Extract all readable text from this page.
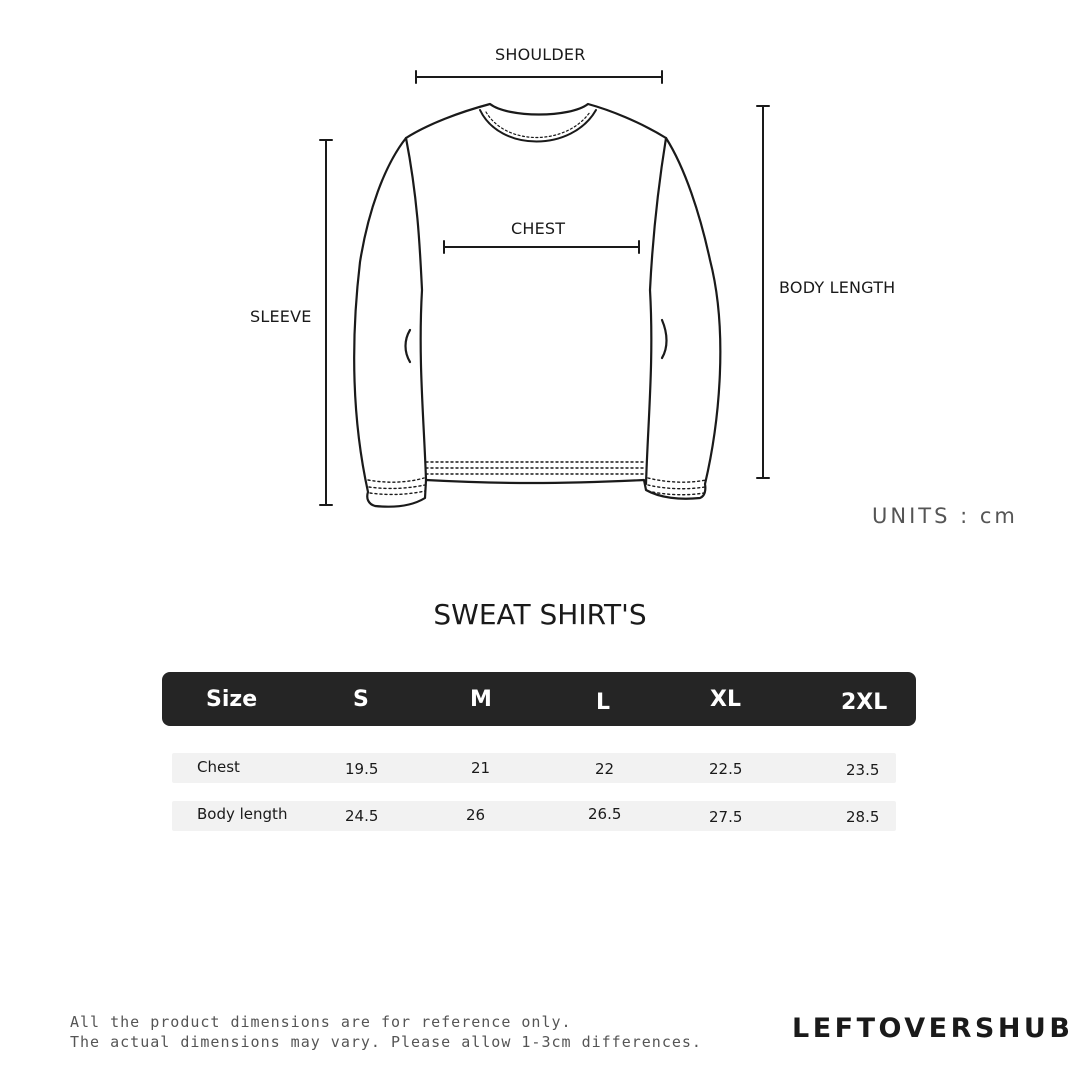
SHOULDER
CHEST
SLEEVE
BODY LENGTH
UNITS : cm
SWEAT SHIRT'S
Size	S	M	L	XL	2XL
Chest	19.5	21	22	22.5	23.5
Body length	24.5	26	26.5	27.5	28.5
All the product dimensions are for reference only.
The actual dimensions may vary. Please allow 1-3cm differences.	LEFTOVERSHUB
